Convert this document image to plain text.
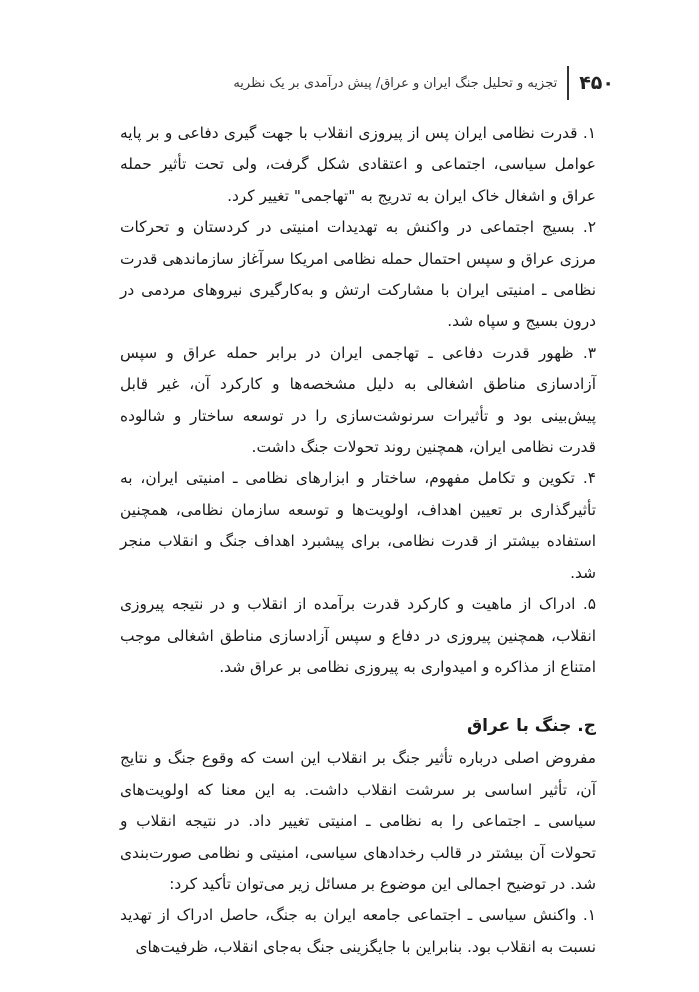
۴۵۰
تجزیه و تحلیل جنگ ایران و عراق/ پیش درآمدی بر یک نظریه

۱. قدرت نظامی ایران پس از پیروزی انقلاب با جهت گیری دفاعی و بر پایه عوامل سیاسی، اجتماعی و اعتقادی شکل گرفت، ولی تحت تأثیر حمله عراق و اشغال خاک ایران به تدریج به "تهاجمی" تغییر کرد.

۲. بسیج اجتماعی در واکنش به تهدیدات امنیتی در کردستان و تحرکات مرزی عراق و سپس احتمال حمله نظامی امریکا سرآغاز سازماندهی قدرت نظامی ـ امنیتی ایران با مشارکت ارتش و به‌کارگیری نیروهای مردمی در درون بسیج و سپاه شد.

۳. ظهور قدرت دفاعی ـ تهاجمی ایران در برابر حمله عراق و سپس آزادسازی مناطق اشغالی به دلیل مشخصه‌ها و کارکرد آن، غیر قابل پیش‌بینی بود و تأثیرات سرنوشت‌سازی را در توسعه ساختار و شالوده قدرت نظامی ایران، همچنین روند تحولات جنگ داشت.

۴. تکوین و تکامل مفهوم، ساختار و ابزارهای نظامی ـ امنیتی ایران، به تأثیرگذاری بر تعیین اهداف، اولویت‌ها و توسعه سازمان نظامی، همچنین استفاده بیشتر از قدرت نظامی، برای پیشبرد اهداف جنگ و انقلاب منجر شد.

۵. ادراک از ماهیت و کارکرد قدرت برآمده از انقلاب و در نتیجه پیروزی انقلاب، همچنین پیروزی در دفاع و سپس آزادسازی مناطق اشغالی موجب امتناع از مذاکره و امیدواری به پیروزی نظامی بر عراق شد.

ج. جنگ با عراق

مفروض اصلی درباره تأثیر جنگ بر انقلاب این است که وقوع جنگ و نتایج آن، تأثیر اساسی بر سرشت انقلاب داشت. به این معنا که اولویت‌های سیاسی ـ اجتماعی را به نظامی ـ امنیتی تغییر داد. در نتیجه انقلاب و تحولات آن بیشتر در قالب رخدادهای سیاسی، امنیتی و نظامی صورت‌بندی شد. در توضیح اجمالی این موضوع بر مسائل زیر می‌توان تأکید کرد:

۱. واکنش سیاسی ـ اجتماعی جامعه ایران به جنگ، حاصل ادراک از تهدید نسبت به انقلاب بود. بنابراین با جایگزینی جنگ به‌جای انقلاب، ظرفیت‌های
